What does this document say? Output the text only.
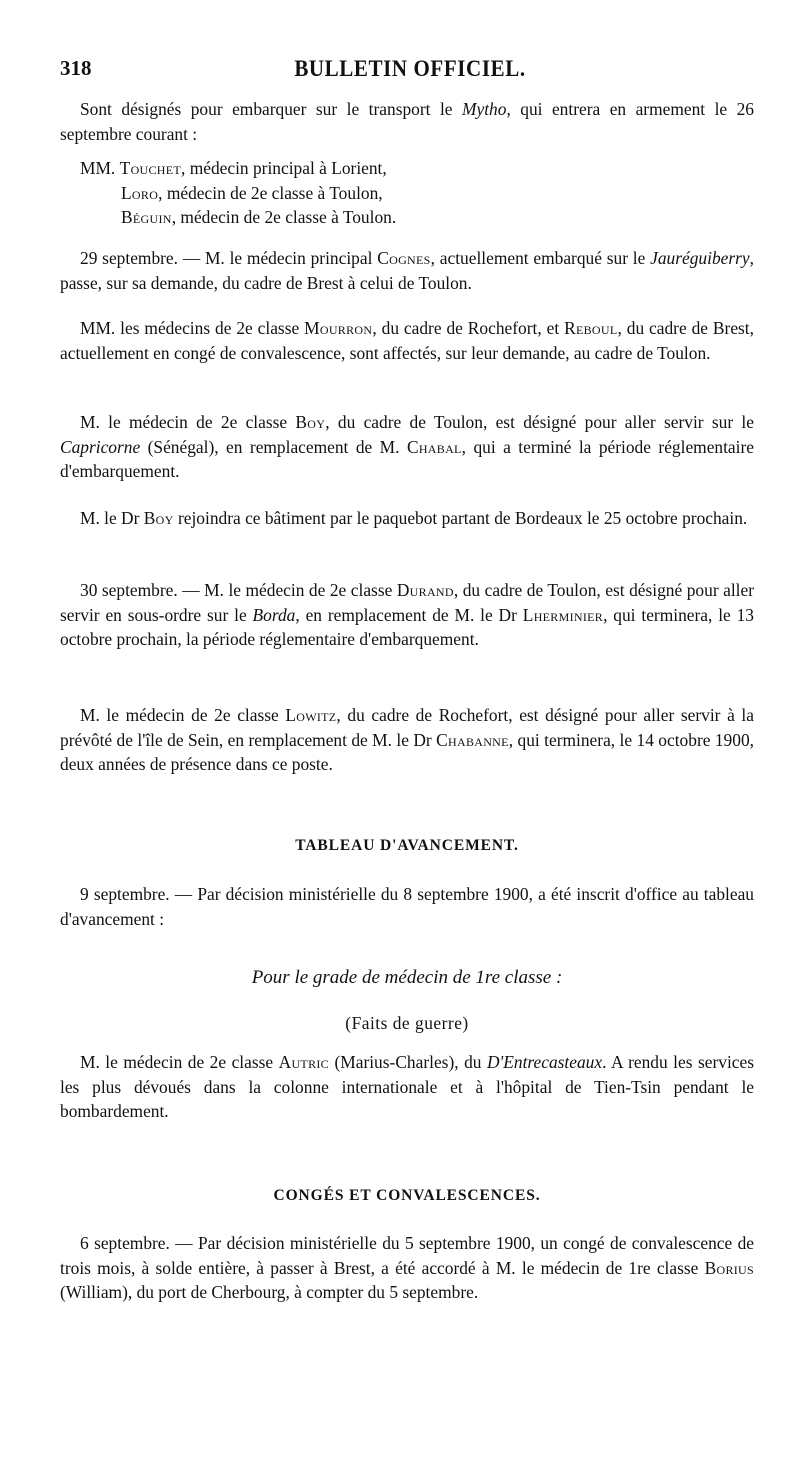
318	BULLETIN OFFICIEL.

Sont désignés pour embarquer sur le transport le Mytho, qui entrera en armement le 26 septembre courant :

MM. Touchet, médecin principal à Lorient,
Loro, médecin de 2e classe à Toulon,
Béguin, médecin de 2e classe à Toulon.

29 septembre. — M. le médecin principal Cognes, actuellement embarqué sur le Jauréguiberry, passe, sur sa demande, du cadre de Brest à celui de Toulon.

MM. les médecins de 2e classe Mourron, du cadre de Rochefort, et Reboul, du cadre de Brest, actuellement en congé de convalescence, sont affectés, sur leur demande, au cadre de Toulon.

M. le médecin de 2e classe Boy, du cadre de Toulon, est désigné pour aller servir sur le Capricorne (Sénégal), en remplacement de M. Chabal, qui a terminé la période réglementaire d'embarquement.

M. le Dr Boy rejoindra ce bâtiment par le paquebot partant de Bordeaux le 25 octobre prochain.

30 septembre. — M. le médecin de 2e classe Durand, du cadre de Toulon, est désigné pour aller servir en sous-ordre sur le Borda, en remplacement de M. le Dr Lherminier, qui terminera, le 13 octobre prochain, la période réglementaire d'embarquement.

M. le médecin de 2e classe Lowitz, du cadre de Rochefort, est désigné pour aller servir à la prévôté de l'île de Sein, en remplacement de M. le Dr Chabanne, qui terminera, le 14 octobre 1900, deux années de présence dans ce poste.

TABLEAU D'AVANCEMENT.

9 septembre. — Par décision ministérielle du 8 septembre 1900, a été inscrit d'office au tableau d'avancement :

Pour le grade de médecin de 1re classe :
(Faits de guerre)

M. le médecin de 2e classe Autric (Marius-Charles), du D'Entrecasteaux. A rendu les services les plus dévoués dans la colonne internationale et à l'hôpital de Tien-Tsin pendant le bombardement.

CONGÉS ET CONVALESCENCES.

6 septembre. — Par décision ministérielle du 5 septembre 1900, un congé de convalescence de trois mois, à solde entière, à passer à Brest, a été accordé à M. le médecin de 1re classe Borius (William), du port de Cherbourg, à compter du 5 septembre.
